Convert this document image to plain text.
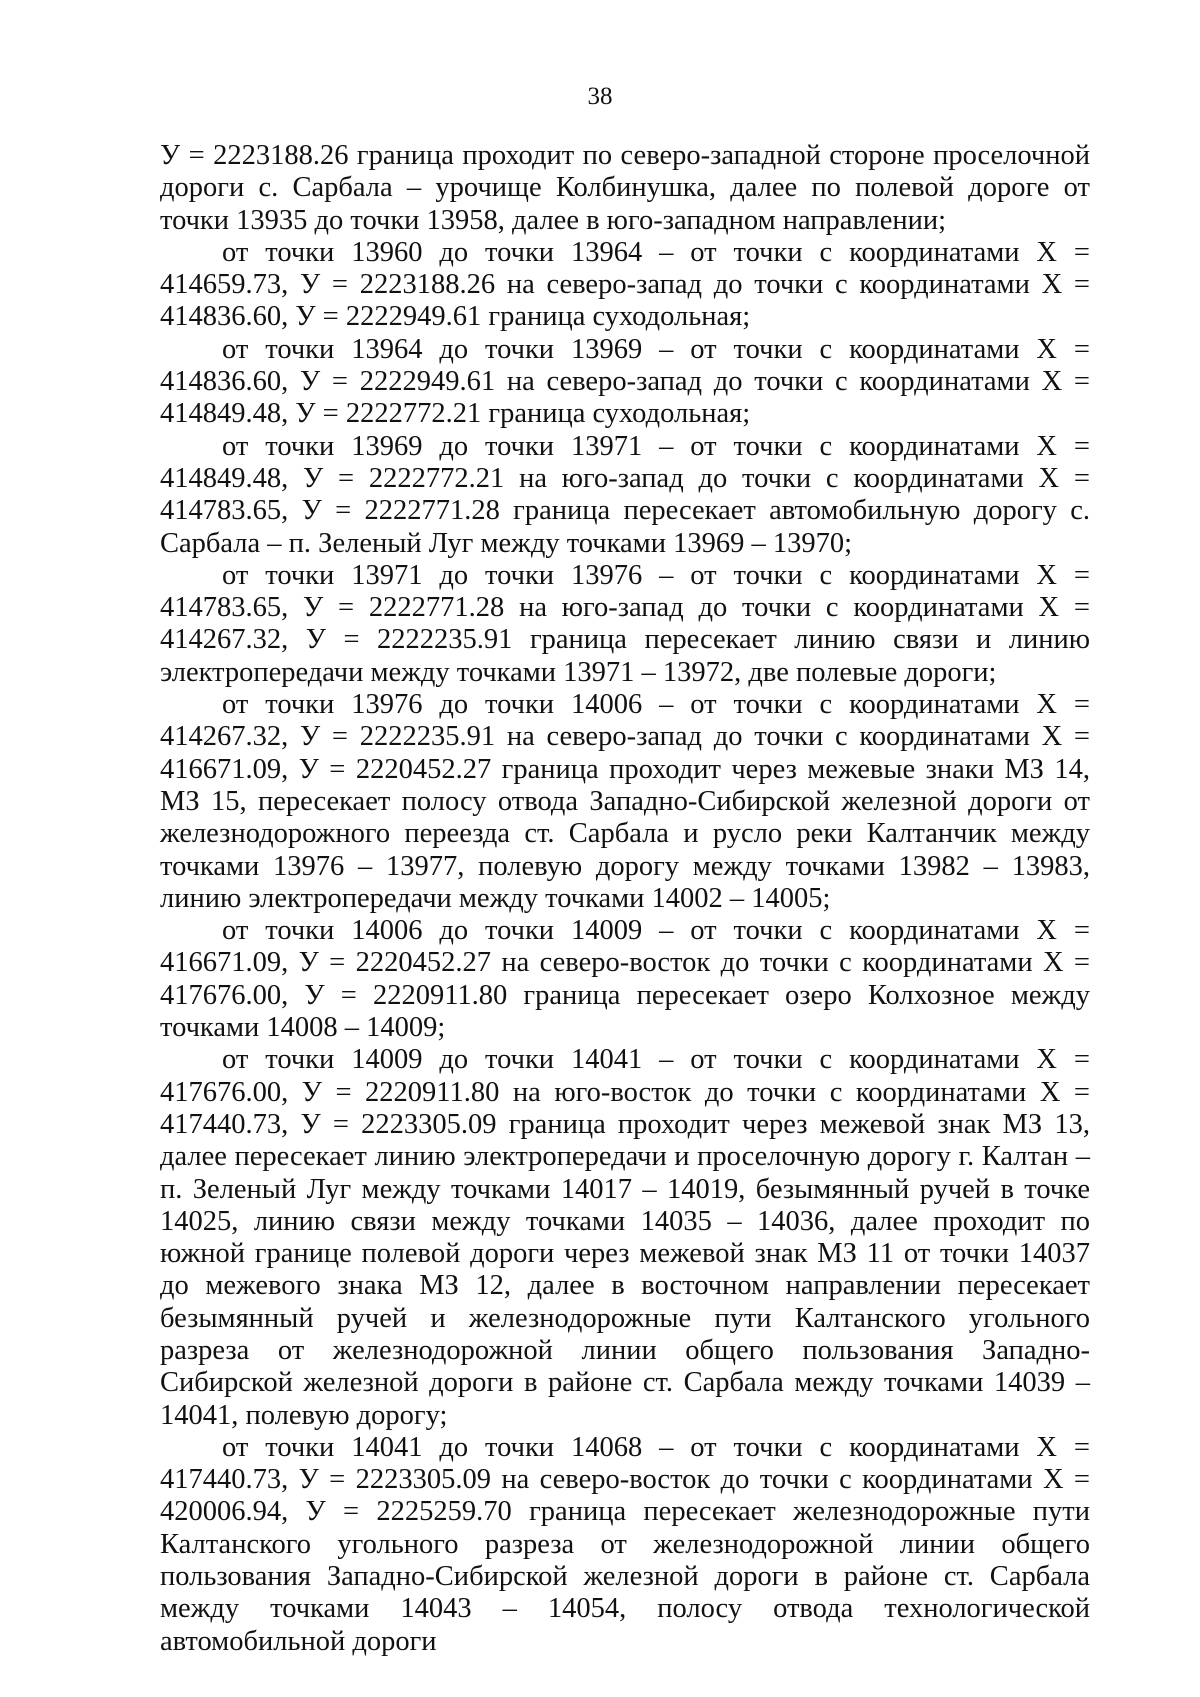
38

У = 2223188.26 граница проходит по северо-западной стороне проселочной дороги с. Сарбала – урочище Колбинушка, далее по полевой дороге от точки 13935 до точки 13958, далее в юго-западном направлении;

от точки 13960 до точки 13964 – от точки с координатами Х = 414659.73, У = 2223188.26 на северо-запад до точки с координатами Х = 414836.60, У = 2222949.61 граница суходольная;

от точки 13964 до точки 13969 – от точки с координатами Х = 414836.60, У = 2222949.61 на северо-запад до точки с координатами Х = 414849.48, У = 2222772.21 граница суходольная;

от точки 13969 до точки 13971 – от точки с координатами Х = 414849.48, У = 2222772.21 на юго-запад до точки с координатами Х = 414783.65, У = 2222771.28 граница пересекает автомобильную дорогу с. Сарбала – п. Зеленый Луг между точками 13969 – 13970;

от точки 13971 до точки 13976 – от точки с координатами Х = 414783.65, У = 2222771.28 на юго-запад до точки с координатами Х = 414267.32, У = 2222235.91 граница пересекает линию связи и линию электропередачи между точками 13971 – 13972, две полевые дороги;

от точки 13976 до точки 14006 – от точки с координатами Х = 414267.32, У = 2222235.91 на северо-запад до точки с координатами Х = 416671.09, У = 2220452.27 граница проходит через межевые знаки МЗ 14, МЗ 15, пересекает полосу отвода Западно-Сибирской железной дороги от железнодорожного переезда ст. Сарбала и русло реки Калтанчик между точками 13976 – 13977, полевую дорогу между точками 13982 – 13983, линию электропередачи между точками 14002 – 14005;

от точки 14006 до точки 14009 – от точки с координатами Х = 416671.09, У = 2220452.27 на северо-восток до точки с координатами Х = 417676.00, У = 2220911.80 граница пересекает озеро Колхозное между точками 14008 – 14009;

от точки 14009 до точки 14041 – от точки с координатами Х = 417676.00, У = 2220911.80 на юго-восток до точки с координатами Х = 417440.73, У = 2223305.09 граница проходит через межевой знак МЗ 13, далее пересекает линию электропередачи и проселочную дорогу г. Калтан – п. Зеленый Луг между точками 14017 – 14019, безымянный ручей в точке 14025, линию связи между точками 14035 – 14036, далее проходит по южной границе полевой дороги через межевой знак МЗ 11 от точки 14037 до межевого знака МЗ 12, далее в восточном направлении пересекает безымянный ручей и железнодорожные пути Калтанского угольного разреза от железнодорожной линии общего пользования Западно-Сибирской железной дороги в районе ст. Сарбала между точками 14039 – 14041, полевую дорогу;

от точки 14041 до точки 14068 – от точки с координатами Х = 417440.73, У = 2223305.09 на северо-восток до точки с координатами Х = 420006.94, У = 2225259.70 граница пересекает железнодорожные пути Калтанского угольного разреза от железнодорожной линии общего пользования Западно-Сибирской железной дороги в районе ст. Сарбала между точками 14043 – 14054, полосу отвода технологической автомобильной дороги
